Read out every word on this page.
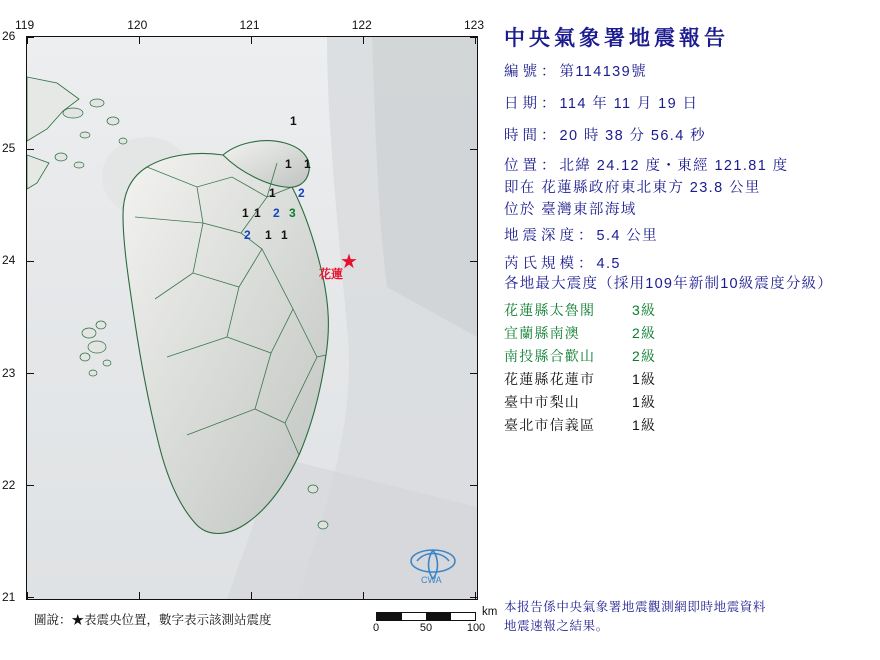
119	120	121	122	123
26
25
24
23
22
21
1
1 1
1 2
1 1 2 3
2 1 1
★
花蓮
CWA
圖說：★表震央位置，數字表示該測站震度
0	50	100
km
中央氣象署地震報告
編號：第114139號
日期：114 年 11 月 19 日
時間：20 時 38 分 56.4 秒
位置：北緯 24.12 度・東經 121.81 度
即在 花蓮縣政府東北東方 23.8 公里
位於 臺灣東部海域
地震深度：5.4 公里
芮氏規模：4.5
各地最大震度（採用109年新制10級震度分級）
花蓮縣太魯閣	3級
宜蘭縣南澳	2級
南投縣合歡山	2級
花蓮縣花蓮市	1級
臺中市梨山	1級
臺北市信義區	1級
本报告係中央氣象署地震觀測網即時地震資料
地震速報之結果。
